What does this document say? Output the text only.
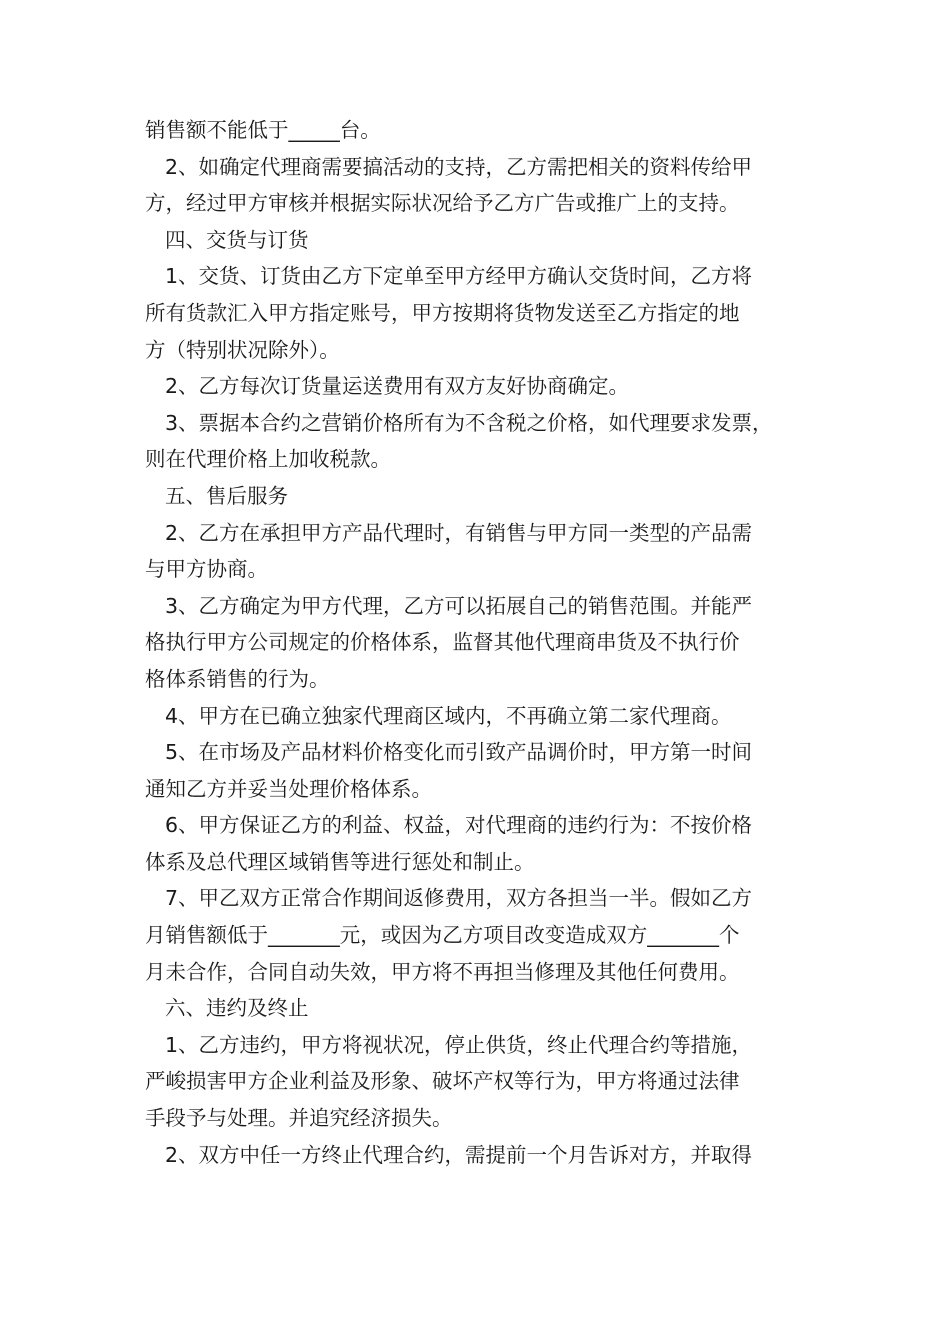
销售额不能低于_____台。
2、如确定代理商需要搞活动的支持，乙方需把相关的资料传给甲
方，经过甲方审核并根据实际状况给予乙方广告或推广上的支持。
四、交货与订货
1、交货、订货由乙方下定单至甲方经甲方确认交货时间，乙方将
所有货款汇入甲方指定账号，甲方按期将货物发送至乙方指定的地
方（特别状况除外）。
2、乙方每次订货量运送费用有双方友好协商确定。
3、票据本合约之营销价格所有为不含税之价格，如代理要求发票，
则在代理价格上加收税款。
五、售后服务
2、乙方在承担甲方产品代理时，有销售与甲方同一类型的产品需
与甲方协商。
3、乙方确定为甲方代理，乙方可以拓展自己的销售范围。并能严
格执行甲方公司规定的价格体系，监督其他代理商串货及不执行价
格体系销售的行为。
4、甲方在已确立独家代理商区域内，不再确立第二家代理商。
5、在市场及产品材料价格变化而引致产品调价时，甲方第一时间
通知乙方并妥当处理价格体系。
6、甲方保证乙方的利益、权益，对代理商的违约行为：不按价格
体系及总代理区域销售等进行惩处和制止。
7、甲乙双方正常合作期间返修费用，双方各担当一半。假如乙方
月销售额低于_______元，或因为乙方项目改变造成双方_______个
月未合作，合同自动失效，甲方将不再担当修理及其他任何费用。
六、违约及终止
1、乙方违约，甲方将视状况，停止供货，终止代理合约等措施，
严峻损害甲方企业利益及形象、破坏产权等行为，甲方将通过法律
手段予与处理。并追究经济损失。
2、双方中任一方终止代理合约，需提前一个月告诉对方，并取得
